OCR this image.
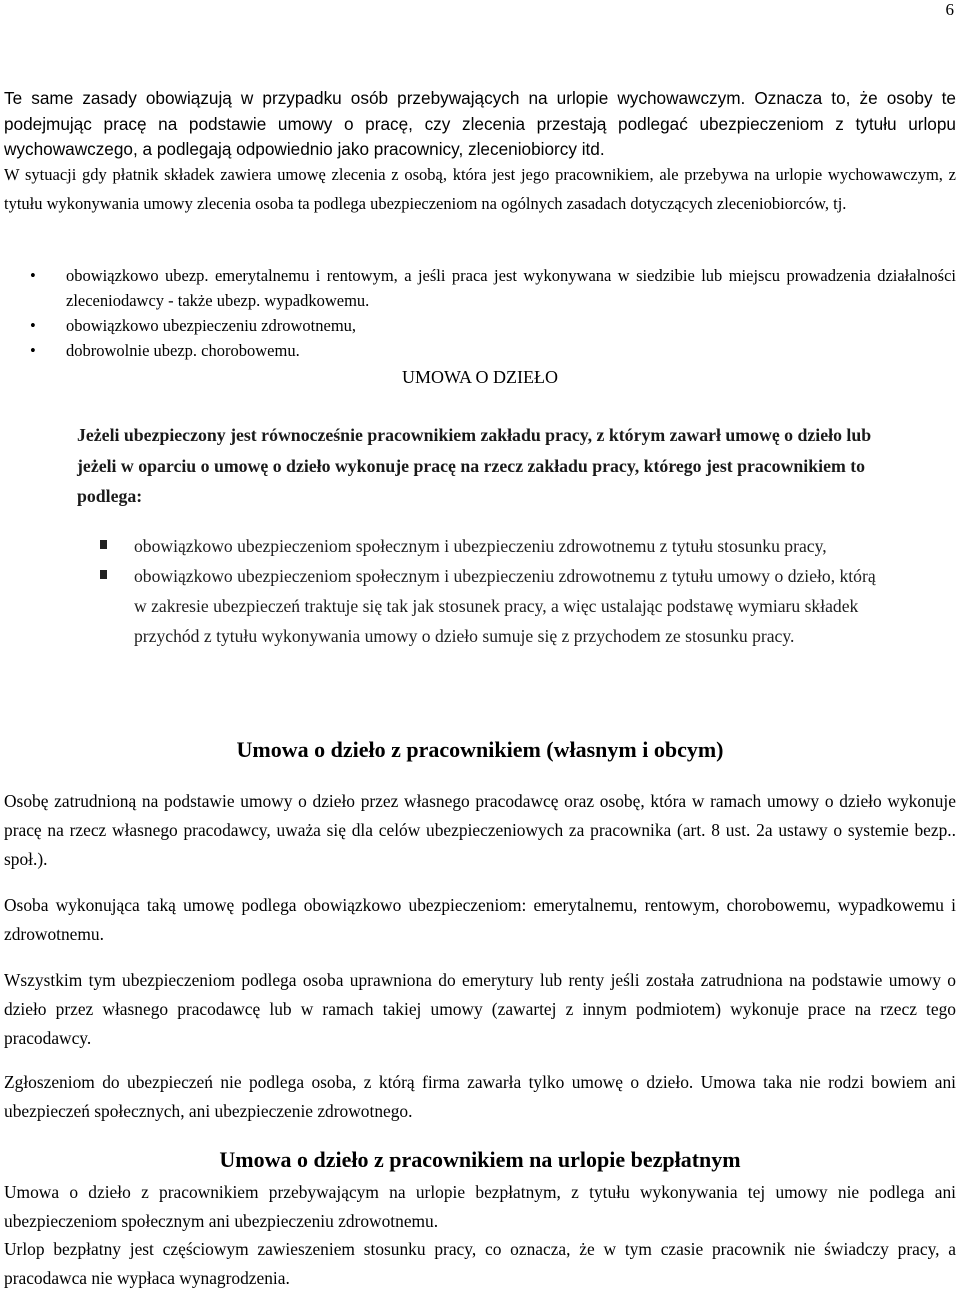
6

Te same zasady obowiązują w przypadku osób przebywających na urlopie wychowawczym. Oznacza to, że osoby te podejmując pracę na podstawie umowy o pracę, czy zlecenia przestają podlegać ubezpieczeniom z tytułu urlopu wychowawczego, a podlegają odpowiednio jako pracownicy, zleceniobiorcy itd.

W sytuacji gdy płatnik składek zawiera umowę zlecenia z osobą, która jest jego pracownikiem, ale przebywa na urlopie wychowawczym, z tytułu wykonywania umowy zlecenia osoba ta podlega ubezpieczeniom na ogólnych zasadach dotyczących zleceniobiorców, tj.

• obowiązkowo ubezp. emerytalnemu i rentowym, a jeśli praca jest wykonywana w siedzibie lub miejscu prowadzenia działalności zleceniodawcy - także ubezp. wypadkowemu.
• obowiązkowo ubezpieczeniu zdrowotnemu,
• dobrowolnie ubezp. chorobowemu.
UMOWA O DZIEŁO
Jeżeli ubezpieczony jest równocześnie pracownikiem zakładu pracy, z którym zawarł umowę o dzieło lub jeżeli w oparciu o umowę o dzieło wykonuje pracę na rzecz zakładu pracy, którego jest pracownikiem to podlega:
obowiązkowo ubezpieczeniom społecznym i ubezpieczeniu zdrowotnemu z tytułu stosunku pracy,
obowiązkowo ubezpieczeniom społecznym i ubezpieczeniu zdrowotnemu z tytułu umowy o dzieło, którą w zakresie ubezpieczeń traktuje się tak jak stosunek pracy, a więc ustalając podstawę wymiaru składek przychód z tytułu wykonywania umowy o dzieło sumuje się z przychodem ze stosunku pracy.
Umowa o dzieło z pracownikiem (własnym i obcym)

Osobę zatrudnioną na podstawie umowy o dzieło przez własnego pracodawcę oraz osobę, która w ramach umowy o dzieło wykonuje pracę na rzecz własnego pracodawcy, uważa się dla celów ubezpieczeniowych za pracownika (art. 8 ust. 2a ustawy o systemie bezp.. społ.).

Osoba wykonująca taką umowę podlega obowiązkowo ubezpieczeniom: emerytalnemu, rentowym, chorobowemu, wypadkowemu i zdrowotnemu.

Wszystkim tym ubezpieczeniom podlega osoba uprawniona do emerytury lub renty jeśli została zatrudniona na podstawie umowy o dzieło przez własnego pracodawcę lub w ramach takiej umowy (zawartej z innym podmiotem) wykonuje prace na rzecz tego pracodawcy.

Zgłoszeniom do ubezpieczeń nie podlega osoba, z którą firma zawarła tylko umowę o dzieło. Umowa taka nie rodzi bowiem ani ubezpieczeń społecznych, ani ubezpieczenie zdrowotnego.

Umowa o dzieło z pracownikiem na urlopie bezpłatnym

Umowa o dzieło z pracownikiem przebywającym na urlopie bezpłatnym, z tytułu wykonywania tej umowy nie podlega ani ubezpieczeniom społecznym ani ubezpieczeniu zdrowotnemu.

Urlop bezpłatny jest częściowym zawieszeniem stosunku pracy, co oznacza, że w tym czasie pracownik nie świadczy pracy, a pracodawca nie wypłaca wynagrodzenia.
